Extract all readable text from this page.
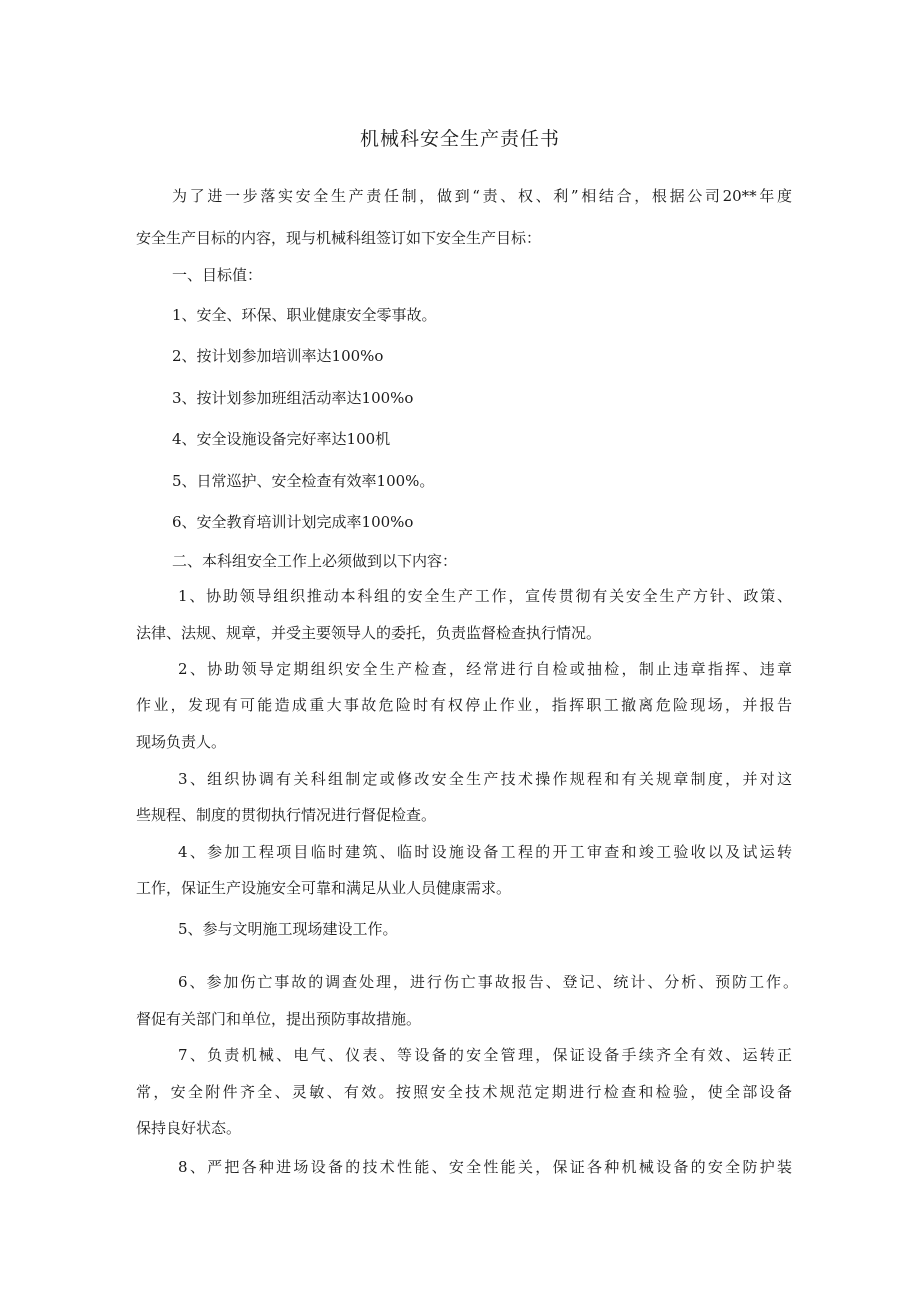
机械科安全生产责任书
为了进一步落实安全生产责任制，做到“责、权、利”相结合，根据公司20**年度
安全生产目标的内容，现与机械科组签订如下安全生产目标：
一、目标值：
1、安全、环保、职业健康安全零事故。
2、按计划参加培训率达100%o
3、按计划参加班组活动率达100%o
4、安全设施设备完好率达100机
5、日常巡护、安全检查有效率100%。
6、安全教育培训计划完成率100%o
二、本科组安全工作上必须做到以下内容：
1、协助领导组织推动本科组的安全生产工作，宣传贯彻有关安全生产方针、政策、
法律、法规、规章，并受主要领导人的委托，负责监督检查执行情况。
2、协助领导定期组织安全生产检查，经常进行自检或抽检，制止违章指挥、违章
作业，发现有可能造成重大事故危险时有权停止作业，指挥职工撤离危险现场，并报告
现场负责人。
3、组织协调有关科组制定或修改安全生产技术操作规程和有关规章制度，并对这
些规程、制度的贯彻执行情况进行督促检查。
4、参加工程项目临时建筑、临时设施设备工程的开工审查和竣工验收以及试运转
工作，保证生产设施安全可靠和满足从业人员健康需求。
5、参与文明施工现场建设工作。
6、参加伤亡事故的调查处理，进行伤亡事故报告、登记、统计、分析、预防工作。
督促有关部门和单位，提出预防事故措施。
7、负责机械、电气、仪表、等设备的安全管理，保证设备手续齐全有效、运转正
常，安全附件齐全、灵敏、有效。按照安全技术规范定期进行检查和检验，使全部设备
保持良好状态。
8、严把各种进场设备的技术性能、安全性能关，保证各种机械设备的安全防护装
